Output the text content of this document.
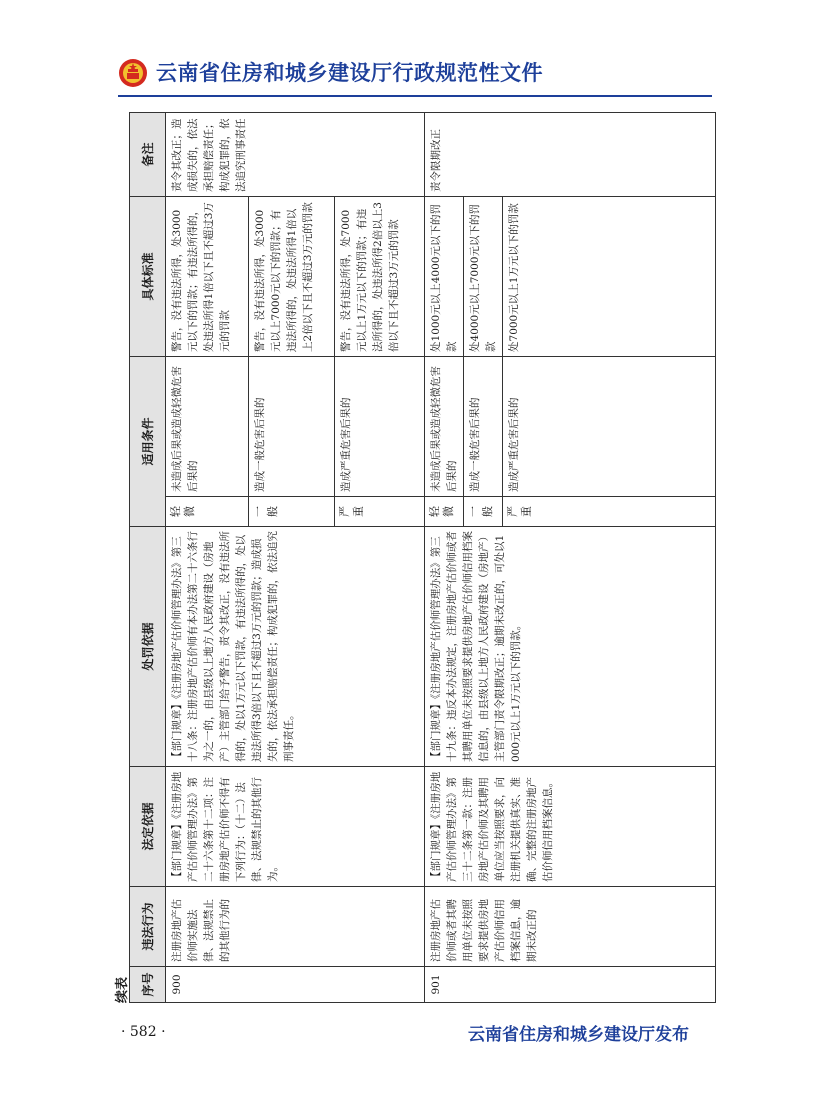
云南省住房和城乡建设厅行政规范性文件
续表 序号	违法行为	法定依据	处罚依据	适用条件		具体标准	备注
900	注册房地产估价师实施法律、法规禁止的其他行为的	【部门规章】《注册房地产估价师管理办法》第二十六条第十二项：注册房地产估价师不得有下列行为：（十二）法律、法规禁止的其他行为。	【部门规章】《注册房地产估价师管理办法》第三十八条：注册房地产估价师有本办法第二十六条行为之一的，由县级以上地方人民政府建设（房地产）主管部门给予警告，责令其改正，没有违法所得的，处以1万元以下罚款，有违法所得的，处以违法所得3倍以下且不超过3万元的罚款；造成损失的，依法承担赔偿责任；构成犯罪的，依法追究刑事责任。	轻微	未造成后果或造成轻微危害后果的	警告，没有违法所得，处3000元以下的罚款；有违法所得的，处违法所得1倍以下且不超过3万元的罚款	责令其改正；造成损失的，依法承担赔偿责任；构成犯罪的，依法追究刑事责任
				一般	造成一般危害后果的	警告，没有违法所得，处3000元以上7000元以下的罚款；有违法所得的，处违法所得1倍以上2倍以下且不超过3万元的罚款	
				严重	造成严重危害后果的	警告，没有违法所得，处7000元以上1万元以下的罚款；有违法所得的，处违法所得2倍以上3倍以下且不超过3万元的罚款	
901	注册房地产估价师或者其聘用单位未按照要求提供房地产估价师信用档案信息，逾期未改正的	【部门规章】《注册房地产估价师管理办法》第三十二条第一款：注册房地产估价师及其聘用单位应当按照要求，向注册机关提供真实、准确、完整的注册房地产估价师信用档案信息。	【部门规章】《注册房地产估价师管理办法》第三十九条：违反本办法规定，注册房地产估价师或者其聘用单位未按照要求提供房地产估价师信用档案信息的，由县级以上地方人民政府建设（房地产）主管部门责令限期改正；逾期未改正的，可处以1000元以上1万元以下的罚款。	轻微	未造成后果或造成轻微危害后果的	处1000元以上4000元以下的罚款	责令限期改正
				一般	造成一般危害后果的	处4000元以上7000元以下的罚款	
				严重	造成严重危害后果的	处7000元以上1万元以下的罚款	
· 582 ·	云南省住房和城乡建设厅发布
